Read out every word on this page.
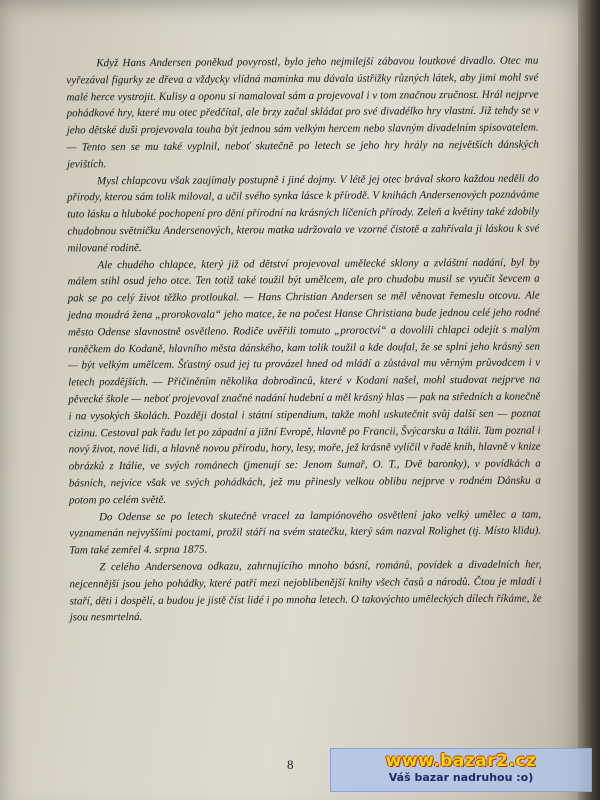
Když Hans Andersen poněkud povyrostl, bylo jeho nejmilejší zábavou loutkové divadlo. Otec mu vyřezával figurky ze dřeva a vždycky vlídná maminka mu dávala ústřižky různých látek, aby jimi mohl své malé herce vystrojit. Kulisy a oponu si namaloval sám a projevoval i v tom značnou zručnost. Hrál nejprve pohádkové hry, které mu otec předčítal, ale brzy začal skládat pro své divadélko hry vlastní. Již tehdy se v jeho dětské duši projevovala touha být jednou sám velkým hercem nebo slavným divadelním spisovatelem. — Tento sen se mu také vyplnil, neboť skutečně po letech se jeho hry hrály na největších dánských jevištích.

Mysl chlapcovu však zaujímaly postupně i jiné dojmy. V létě jej otec brával skoro každou neděli do přírody, kterou sám tolik miloval, a učil svého synka lásce k přírodě. V knihách Andersenových poznáváme tuto lásku a hluboké pochopení pro dění přírodní na krásných líčeních přírody. Zeleň a květiny také zdobily chudobnou světničku Andersenových, kterou matka udržovala ve vzorné čistotě a zahřívala ji láskou k své milované rodině.

Ale chudého chlapce, který již od dětství projevoval umělecké sklony a zvláštní nadání, byl by málem stihl osud jeho otce. Ten totiž také toužil být umělcem, ale pro chudobu musil se vyučit ševcem a pak se po celý život těžko protloukal. — Hans Christian Andersen se měl věnovat řemeslu otcovu. Ale jedna moudrá žena „prorokovala“ jeho matce, že na počest Hanse Christiana bude jednou celé jeho rodné město Odense slavnostně osvětleno. Rodiče uvěřili tomuto „proroctví“ a dovolili chlapci odejít s malým raněčkem do Kodaně, hlavního města dánského, kam tolik toužil a kde doufal, že se splní jeho krásný sen — být velkým umělcem. Šťastný osud jej tu provázel hned od mládí a zůstával mu věrným průvodcem i v letech pozdějších. — Přičiněním několika dobrodinců, které v Kodani našel, mohl studovat nejprve na pěvecké škole — neboť projevoval značné nadání hudební a měl krásný hlas — pak na středních a konečně i na vysokých školách. Později dostal i státní stipendium, takže mohl uskutečnit svůj další sen — poznat cizinu. Cestoval pak řadu let po západní a jižní Evropě, hlavně po Francii, Švýcarsku a Itálii. Tam poznal i nový život, nové lidi, a hlavně novou přírodu, hory, lesy, moře, jež krásně vylíčil v řadě knih, hlavně v knize obrázků z Itálie, ve svých románech (jmenují se: Jenom šumař, O. T., Dvě baronky), v povídkách a básních, nejvíce však ve svých pohádkách, jež mu přinesly velkou oblibu nejprve v rodném Dánsku a potom po celém světě.

Do Odense se po letech skutečně vracel za lampiónového osvětlení jako velký umělec a tam, vyznamenán nejvyššími poctami, prožil stáří na svém statečku, který sám nazval Rolighet (tj. Místo klidu). Tam také zemřel 4. srpna 1875.

Z celého Andersenova odkazu, zahrnujícího mnoho básní, románů, povídek a divadelních her, nejcennější jsou jeho pohádky, které patří mezi nejoblíbenější knihy všech časů a národů. Čtou je mladí i staří, děti i dospělí, a budou je jistě číst lidé i po mnoha letech. O takovýchto uměleckých dílech říkáme, že jsou nesmrtelná.

8	www.bazar2.cz
Váš bazar nadruhou :o)
